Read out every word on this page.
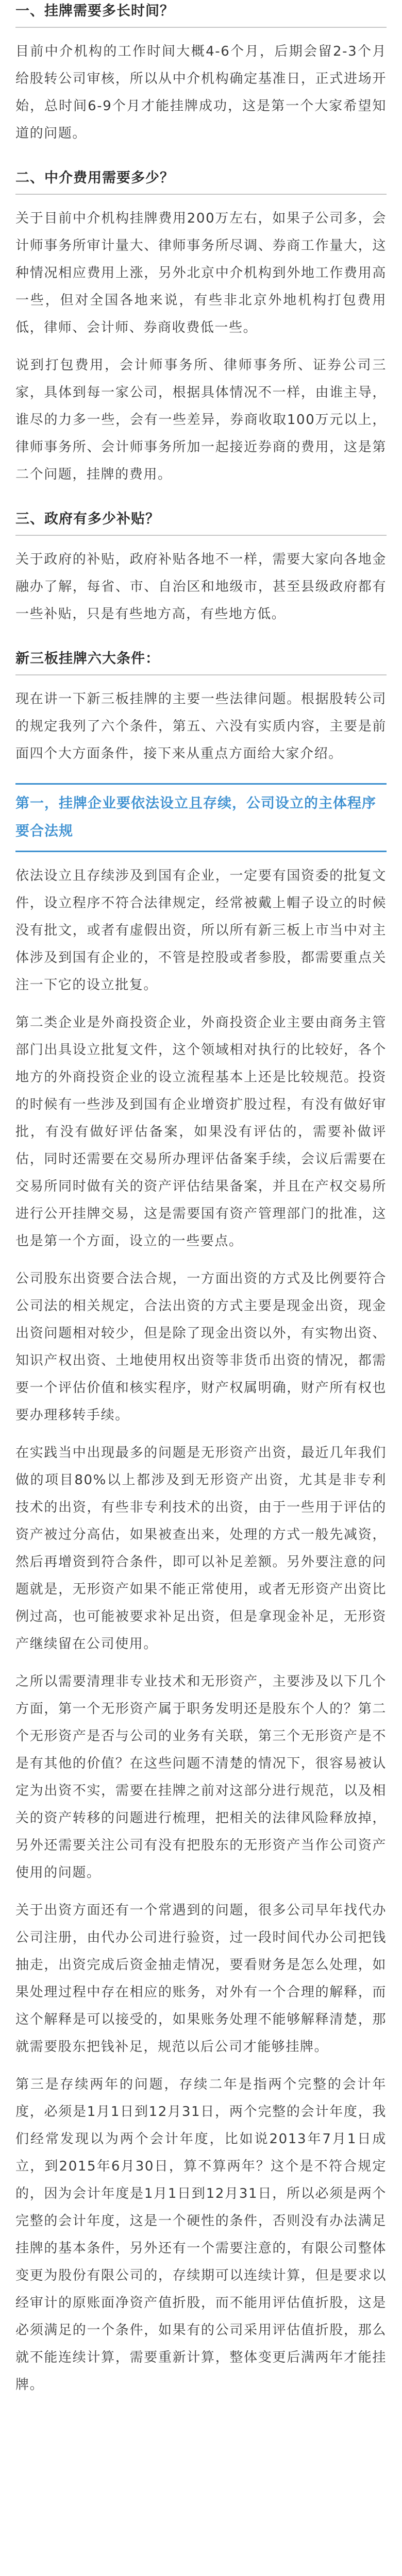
一、挂牌需要多长时间？

目前中介机构的工作时间大概4-6个月，后期会留2-3个月给股转公司审核，所以从中介机构确定基准日，正式进场开始，总时间6-9个月才能挂牌成功，这是第一个大家希望知道的问题。

二、中介费用需要多少？

关于目前中介机构挂牌费用200万左右，如果子公司多，会计师事务所审计量大、律师事务所尽调、券商工作量大，这种情况相应费用上涨，另外北京中介机构到外地工作费用高一些，但对全国各地来说，有些非北京外地机构打包费用低，律师、会计师、券商收费低一些。

说到打包费用，会计师事务所、律师事务所、证券公司三家，具体到每一家公司，根据具体情况不一样，由谁主导，谁尽的力多一些，会有一些差异，券商收取100万元以上，律师事务所、会计师事务所加一起接近券商的费用，这是第二个问题，挂牌的费用。

三、政府有多少补贴？

关于政府的补贴，政府补贴各地不一样，需要大家向各地金融办了解，每省、市、自治区和地级市，甚至县级政府都有一些补贴，只是有些地方高，有些地方低。

新三板挂牌六大条件：

现在讲一下新三板挂牌的主要一些法律问题。根据股转公司的规定我列了六个条件，第五、六没有实质内容，主要是前面四个大方面条件，接下来从重点方面给大家介绍。

第一，挂牌企业要依法设立且存续，公司设立的主体程序要合法规

依法设立且存续涉及到国有企业，一定要有国资委的批复文件，设立程序不符合法律规定，经常被戴上帽子设立的时候没有批文，或者有虚假出资，所以所有新三板上市当中对主体涉及到国有企业的，不管是控股或者参股，都需要重点关注一下它的设立批复。

第二类企业是外商投资企业，外商投资企业主要由商务主管部门出具设立批复文件，这个领域相对执行的比较好，各个地方的外商投资企业的设立流程基本上还是比较规范。投资的时候有一些涉及到国有企业增资扩股过程，有没有做好审批，有没有做好评估备案，如果没有评估的，需要补做评估，同时还需要在交易所办理评估备案手续，会议后需要在交易所同时做有关的资产评估结果备案，并且在产权交易所进行公开挂牌交易，这是需要国有资产管理部门的批准，这也是第一个方面，设立的一些要点。

公司股东出资要合法合规，一方面出资的方式及比例要符合公司法的相关规定，合法出资的方式主要是现金出资，现金出资问题相对较少，但是除了现金出资以外，有实物出资、知识产权出资、土地使用权出资等非货币出资的情况，都需要一个评估价值和核实程序，财产权属明确，财产所有权也要办理移转手续。

在实践当中出现最多的问题是无形资产出资，最近几年我们做的项目80%以上都涉及到无形资产出资，尤其是非专利技术的出资，有些非专利技术的出资，由于一些用于评估的资产被过分高估，如果被查出来，处理的方式一般先减资，然后再增资到符合条件，即可以补足差额。另外要注意的问题就是，无形资产如果不能正常使用，或者无形资产出资比例过高，也可能被要求补足出资，但是拿现金补足，无形资产继续留在公司使用。

之所以需要清理非专业技术和无形资产，主要涉及以下几个方面，第一个无形资产属于职务发明还是股东个人的？第二个无形资产是否与公司的业务有关联，第三个无形资产是不是有其他的价值？在这些问题不清楚的情况下，很容易被认定为出资不实，需要在挂牌之前对这部分进行规范，以及相关的资产转移的问题进行梳理，把相关的法律风险释放掉，另外还需要关注公司有没有把股东的无形资产当作公司资产使用的问题。

关于出资方面还有一个常遇到的问题，很多公司早年找代办公司注册，由代办公司进行验资，过一段时间代办公司把钱抽走，出资完成后资金抽走情况，要看财务是怎么处理，如果处理过程中存在相应的账务，对外有一个合理的解释，而这个解释是可以接受的，如果账务处理不能够解释清楚，那就需要股东把钱补足，规范以后公司才能够挂牌。

第三是存续两年的问题，存续二年是指两个完整的会计年度，必须是1月1日到12月31日，两个完整的会计年度，我们经常发现以为两个会计年度，比如说2013年7月1日成立，到2015年6月30日，算不算两年？这个是不符合规定的，因为会计年度是1月1日到12月31日，所以必须是两个完整的会计年度，这是一个硬性的条件，否则没有办法满足挂牌的基本条件，另外还有一个需要注意的，有限公司整体变更为股份有限公司的，存续期可以连续计算，但是要求以经审计的原账面净资产值折股，而不能用评估值折股，这是必须满足的一个条件，如果有的公司采用评估值折股，那么就不能连续计算，需要重新计算，整体变更后满两年才能挂牌。
